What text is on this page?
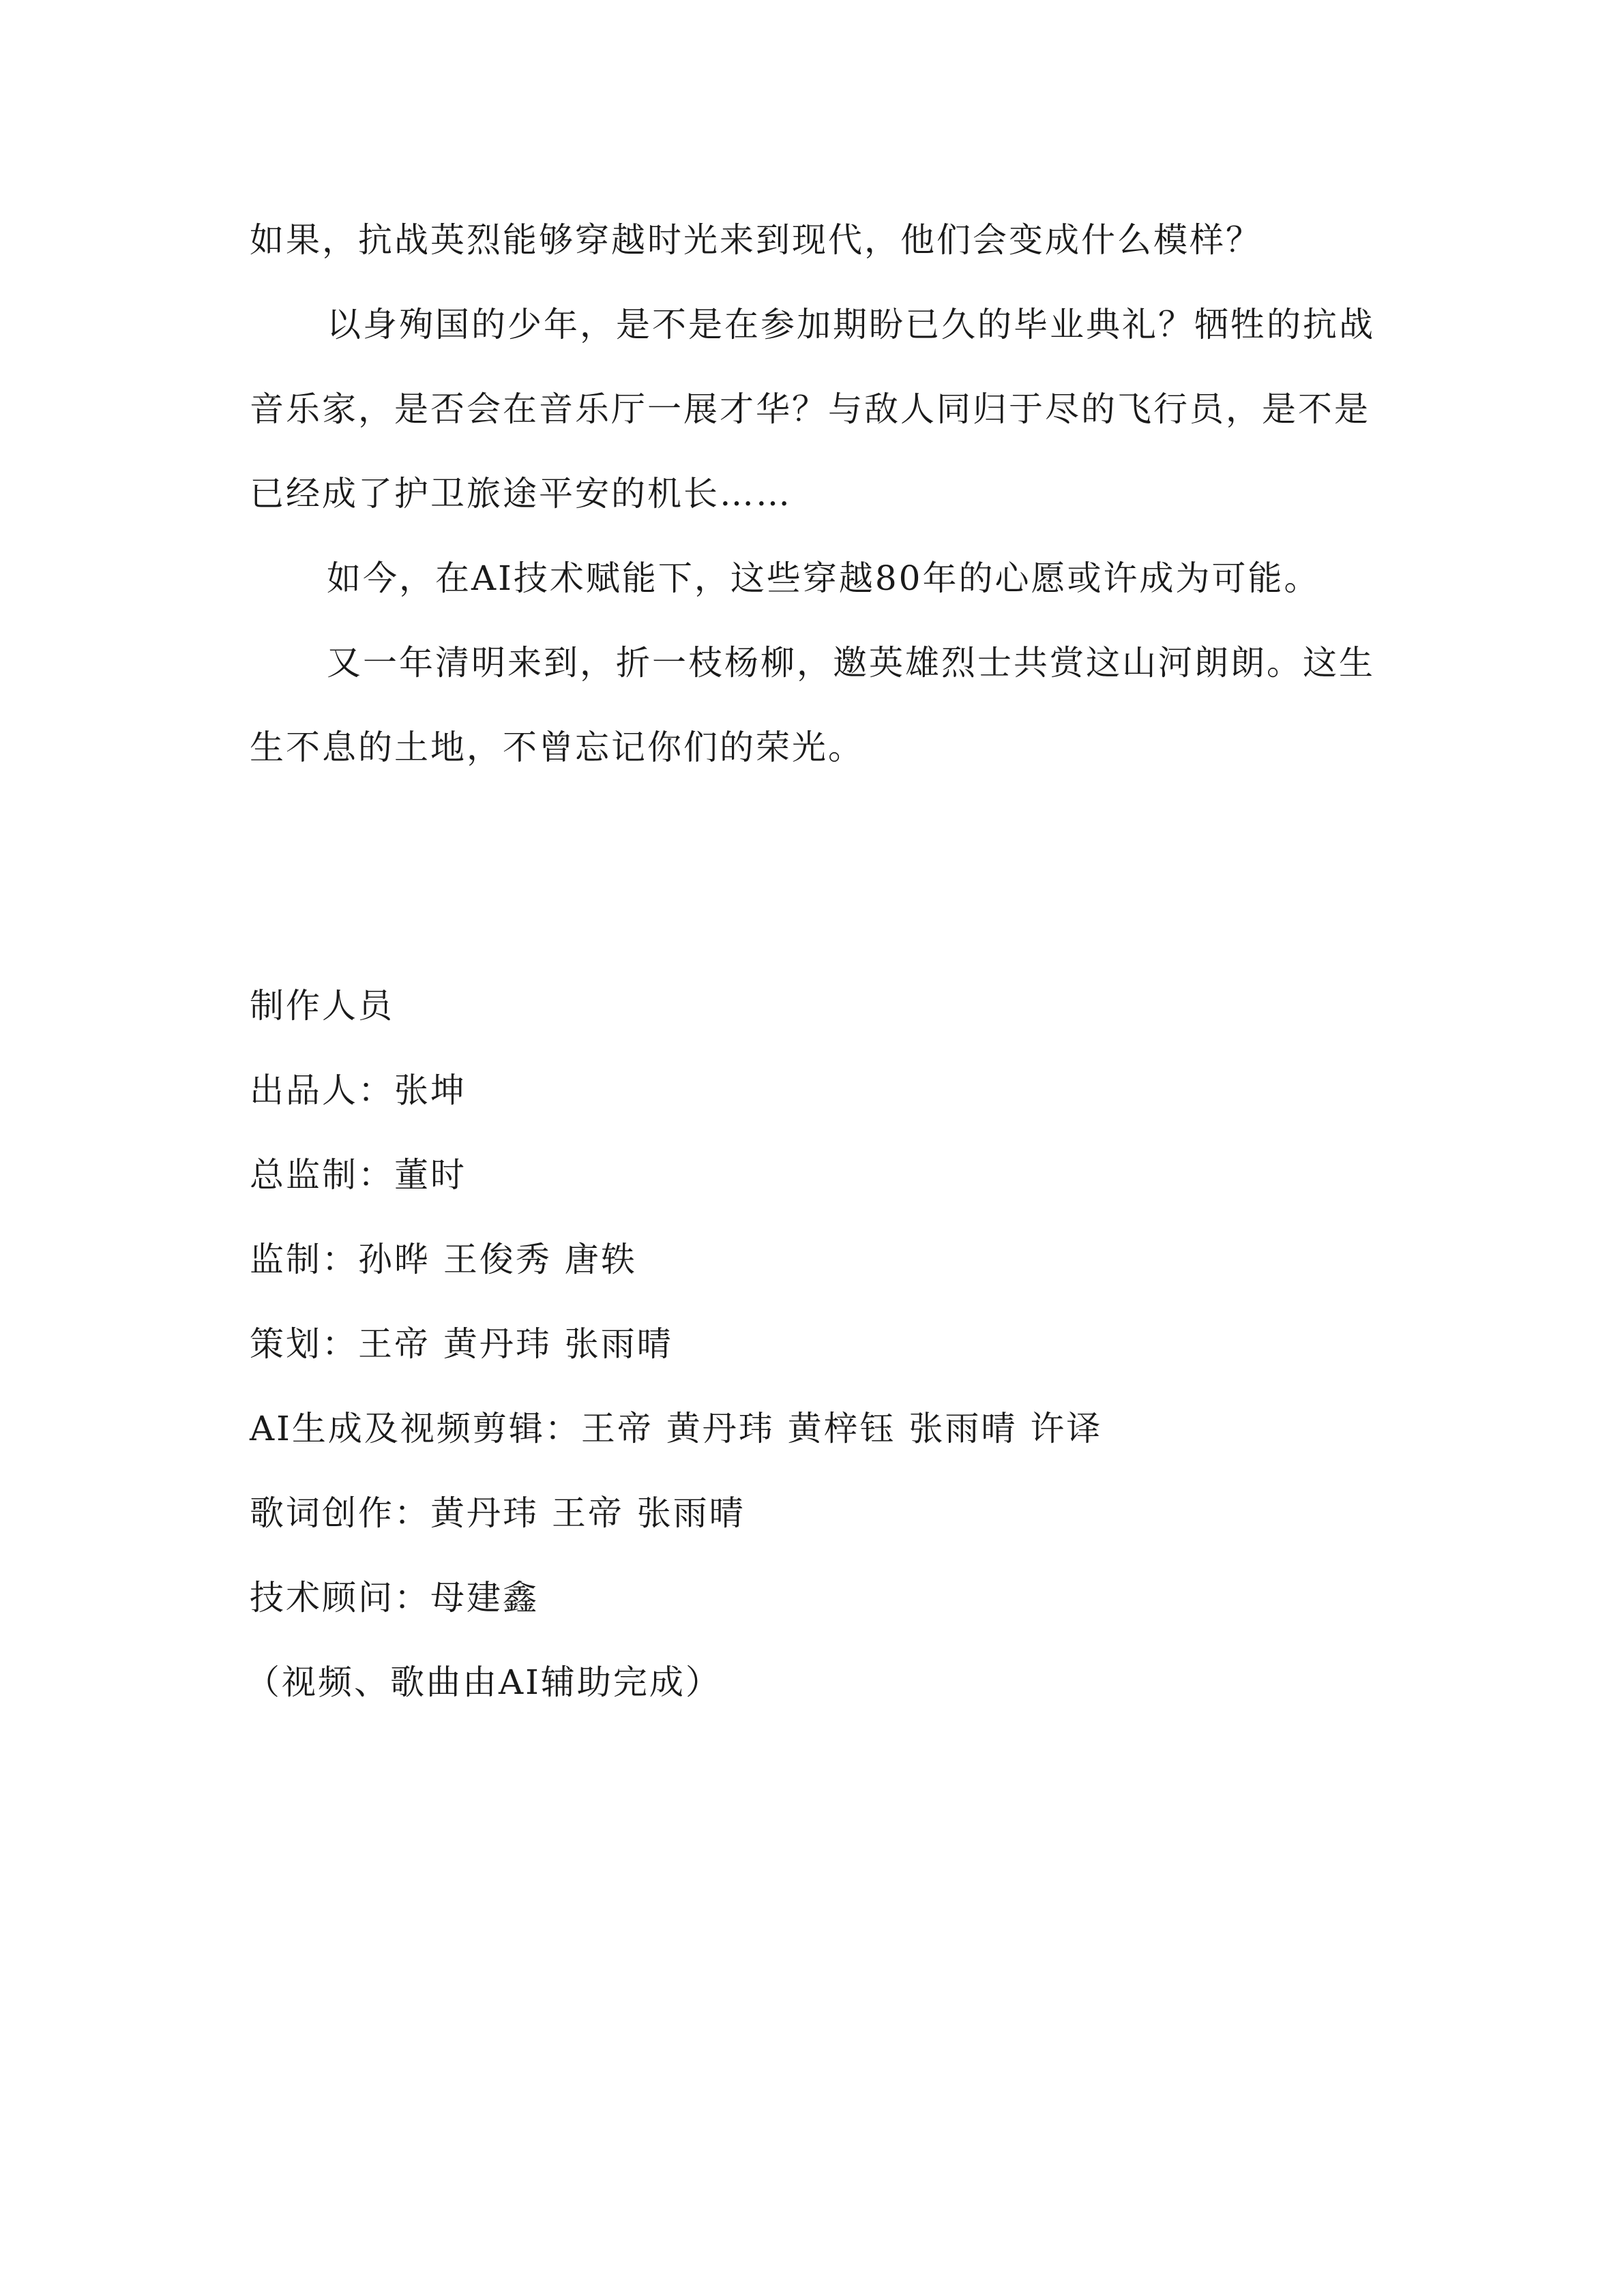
如果，抗战英烈能够穿越时光来到现代，他们会变成什么模样？

以身殉国的少年，是不是在参加期盼已久的毕业典礼？牺牲的抗战音乐家，是否会在音乐厅一展才华？与敌人同归于尽的飞行员，是不是已经成了护卫旅途平安的机长……

如今，在AI技术赋能下，这些穿越80年的心愿或许成为可能。

又一年清明来到，折一枝杨柳，邀英雄烈士共赏这山河朗朗。这生生不息的土地，不曾忘记你们的荣光。

制作人员
出品人：张坤
总监制：董时
监制：孙晔 王俊秀 唐轶
策划：王帝 黄丹玮 张雨晴
AI生成及视频剪辑：王帝 黄丹玮 黄梓钰 张雨晴 许译
歌词创作：黄丹玮 王帝 张雨晴
技术顾问：母建鑫
（视频、歌曲由AI辅助完成）
